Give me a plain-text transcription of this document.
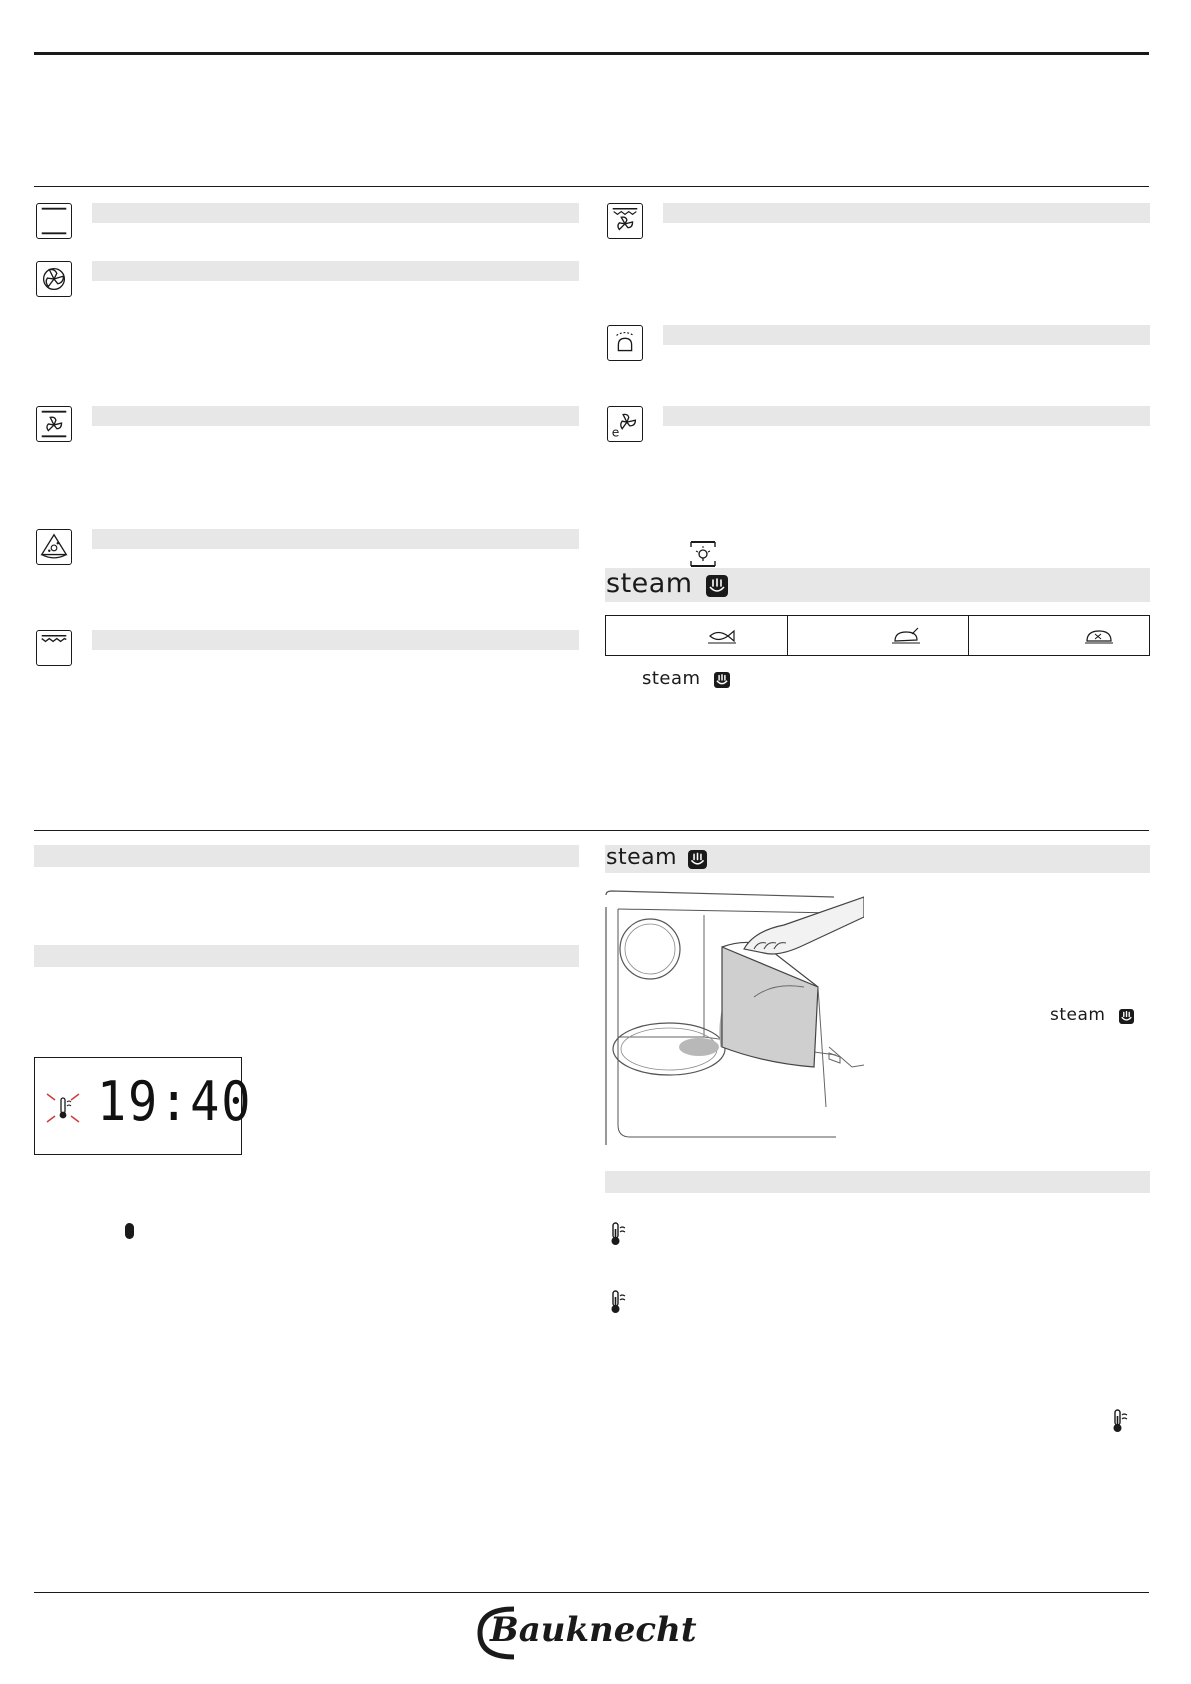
e
steam
steam
19:40
steam
steam
Bauknecht
